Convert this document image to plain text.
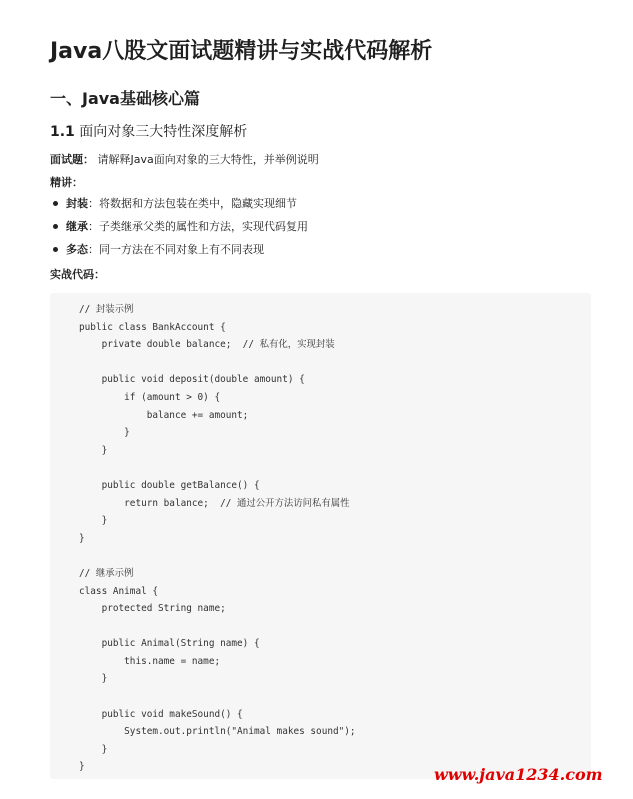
Java八股文面试题精讲与实战代码解析
一、Java基础核心篇
1.1 面向对象三大特性深度解析
面试题： 请解释Java面向对象的三大特性，并举例说明
精讲：
封装：将数据和方法包装在类中，隐藏实现细节
继承：子类继承父类的属性和方法，实现代码复用
多态：同一方法在不同对象上有不同表现
实战代码：
// 封装示例
public class BankAccount {
private double balance;  // 私有化，实现封装

public void deposit(double amount) {
if (amount > 0) {
balance += amount;
}
}

public double getBalance() {
return balance;  // 通过公开方法访问私有属性
}
}

// 继承示例
class Animal {
protected String name;

public Animal(String name) {
this.name = name;
}

public void makeSound() {
System.out.println("Animal makes sound");
}
}	www.java1234.com
